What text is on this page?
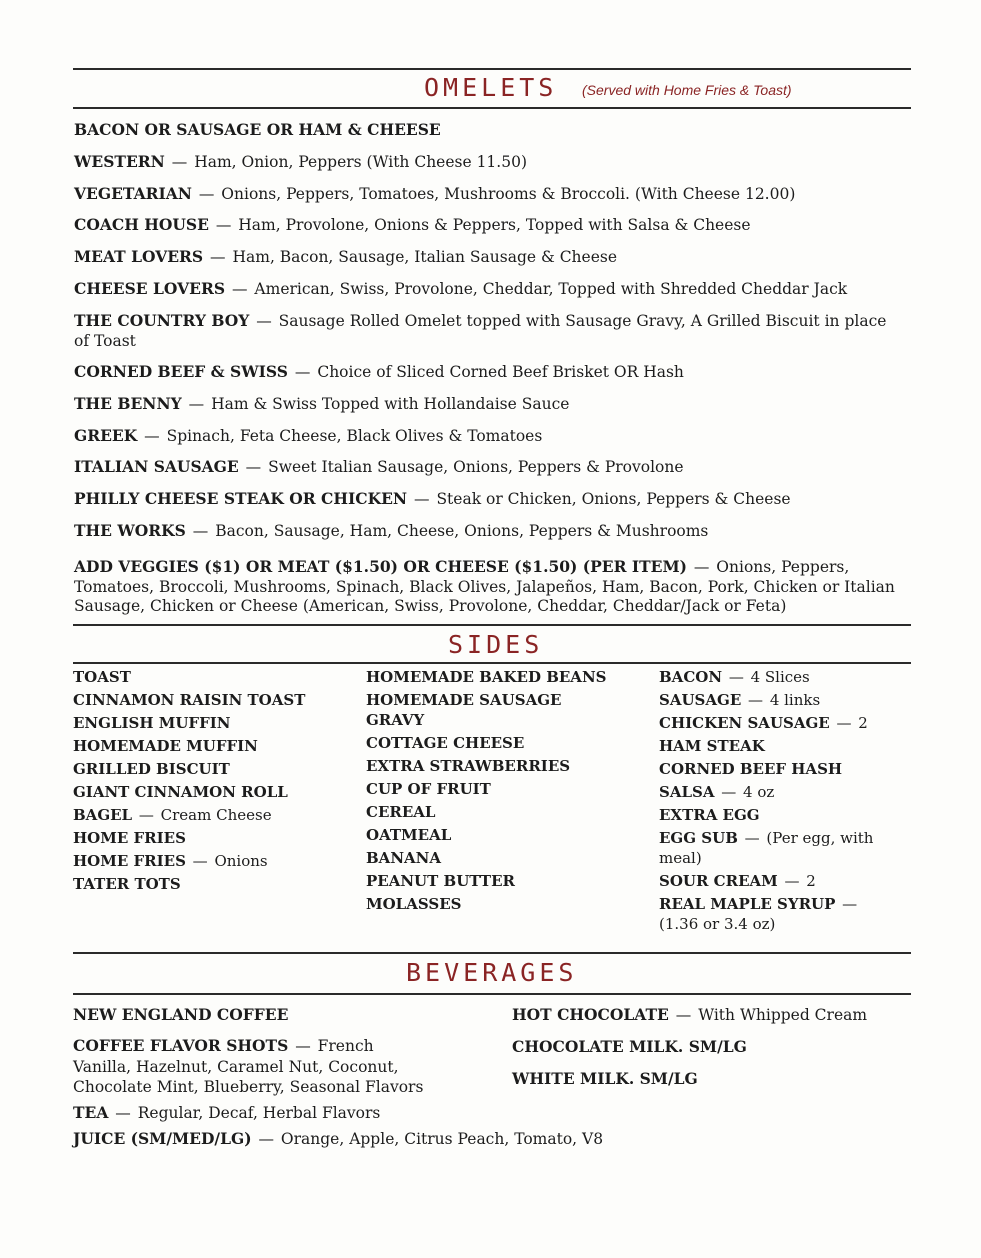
OMELETS (Served with Home Fries & Toast)
BACON OR SAUSAGE OR HAM & CHEESE
WESTERN — Ham, Onion, Peppers (With Cheese 11.50)
VEGETARIAN — Onions, Peppers, Tomatoes, Mushrooms & Broccoli. (With Cheese 12.00)
COACH HOUSE — Ham, Provolone, Onions & Peppers, Topped with Salsa & Cheese
MEAT LOVERS — Ham, Bacon, Sausage, Italian Sausage & Cheese
CHEESE LOVERS — American, Swiss, Provolone, Cheddar, Topped with Shredded Cheddar Jack
THE COUNTRY BOY — Sausage Rolled Omelet topped with Sausage Gravy, A Grilled Biscuit in place of Toast
CORNED BEEF & SWISS — Choice of Sliced Corned Beef Brisket OR Hash
THE BENNY — Ham & Swiss Topped with Hollandaise Sauce
GREEK — Spinach, Feta Cheese, Black Olives & Tomatoes
ITALIAN SAUSAGE — Sweet Italian Sausage, Onions, Peppers & Provolone
PHILLY CHEESE STEAK OR CHICKEN — Steak or Chicken, Onions, Peppers & Cheese
THE WORKS — Bacon, Sausage, Ham, Cheese, Onions, Peppers & Mushrooms
ADD VEGGIES ($1) OR MEAT ($1.50) OR CHEESE ($1.50) (PER ITEM) — Onions, Peppers, Tomatoes, Broccoli, Mushrooms, Spinach, Black Olives, Jalapeños, Ham, Bacon, Pork, Chicken or Italian Sausage, Chicken or Cheese (American, Swiss, Provolone, Cheddar, Cheddar/Jack or Feta)
SIDES
TOAST
CINNAMON RAISIN TOAST
ENGLISH MUFFIN
HOMEMADE MUFFIN
GRILLED BISCUIT
GIANT CINNAMON ROLL
BAGEL — Cream Cheese
HOME FRIES
HOME FRIES — Onions
TATER TOTS
HOMEMADE BAKED BEANS
HOMEMADE SAUSAGE GRAVY
COTTAGE CHEESE
EXTRA STRAWBERRIES
CUP OF FRUIT
CEREAL
OATMEAL
BANANA
PEANUT BUTTER
MOLASSES
BACON — 4 Slices
SAUSAGE — 4 links
CHICKEN SAUSAGE — 2
HAM STEAK
CORNED BEEF HASH
SALSA — 4 oz
EXTRA EGG
EGG SUB — (Per egg, with meal)
SOUR CREAM — 2
REAL MAPLE SYRUP — (1.36 or 3.4 oz)
BEVERAGES
NEW ENGLAND COFFEE
COFFEE FLAVOR SHOTS — French Vanilla, Hazelnut, Caramel Nut, Coconut, Chocolate Mint, Blueberry, Seasonal Flavors
TEA — Regular, Decaf, Herbal Flavors
JUICE (SM/MED/LG) — Orange, Apple, Citrus Peach, Tomato, V8
HOT CHOCOLATE — With Whipped Cream
CHOCOLATE MILK. SM/LG
WHITE MILK. SM/LG
